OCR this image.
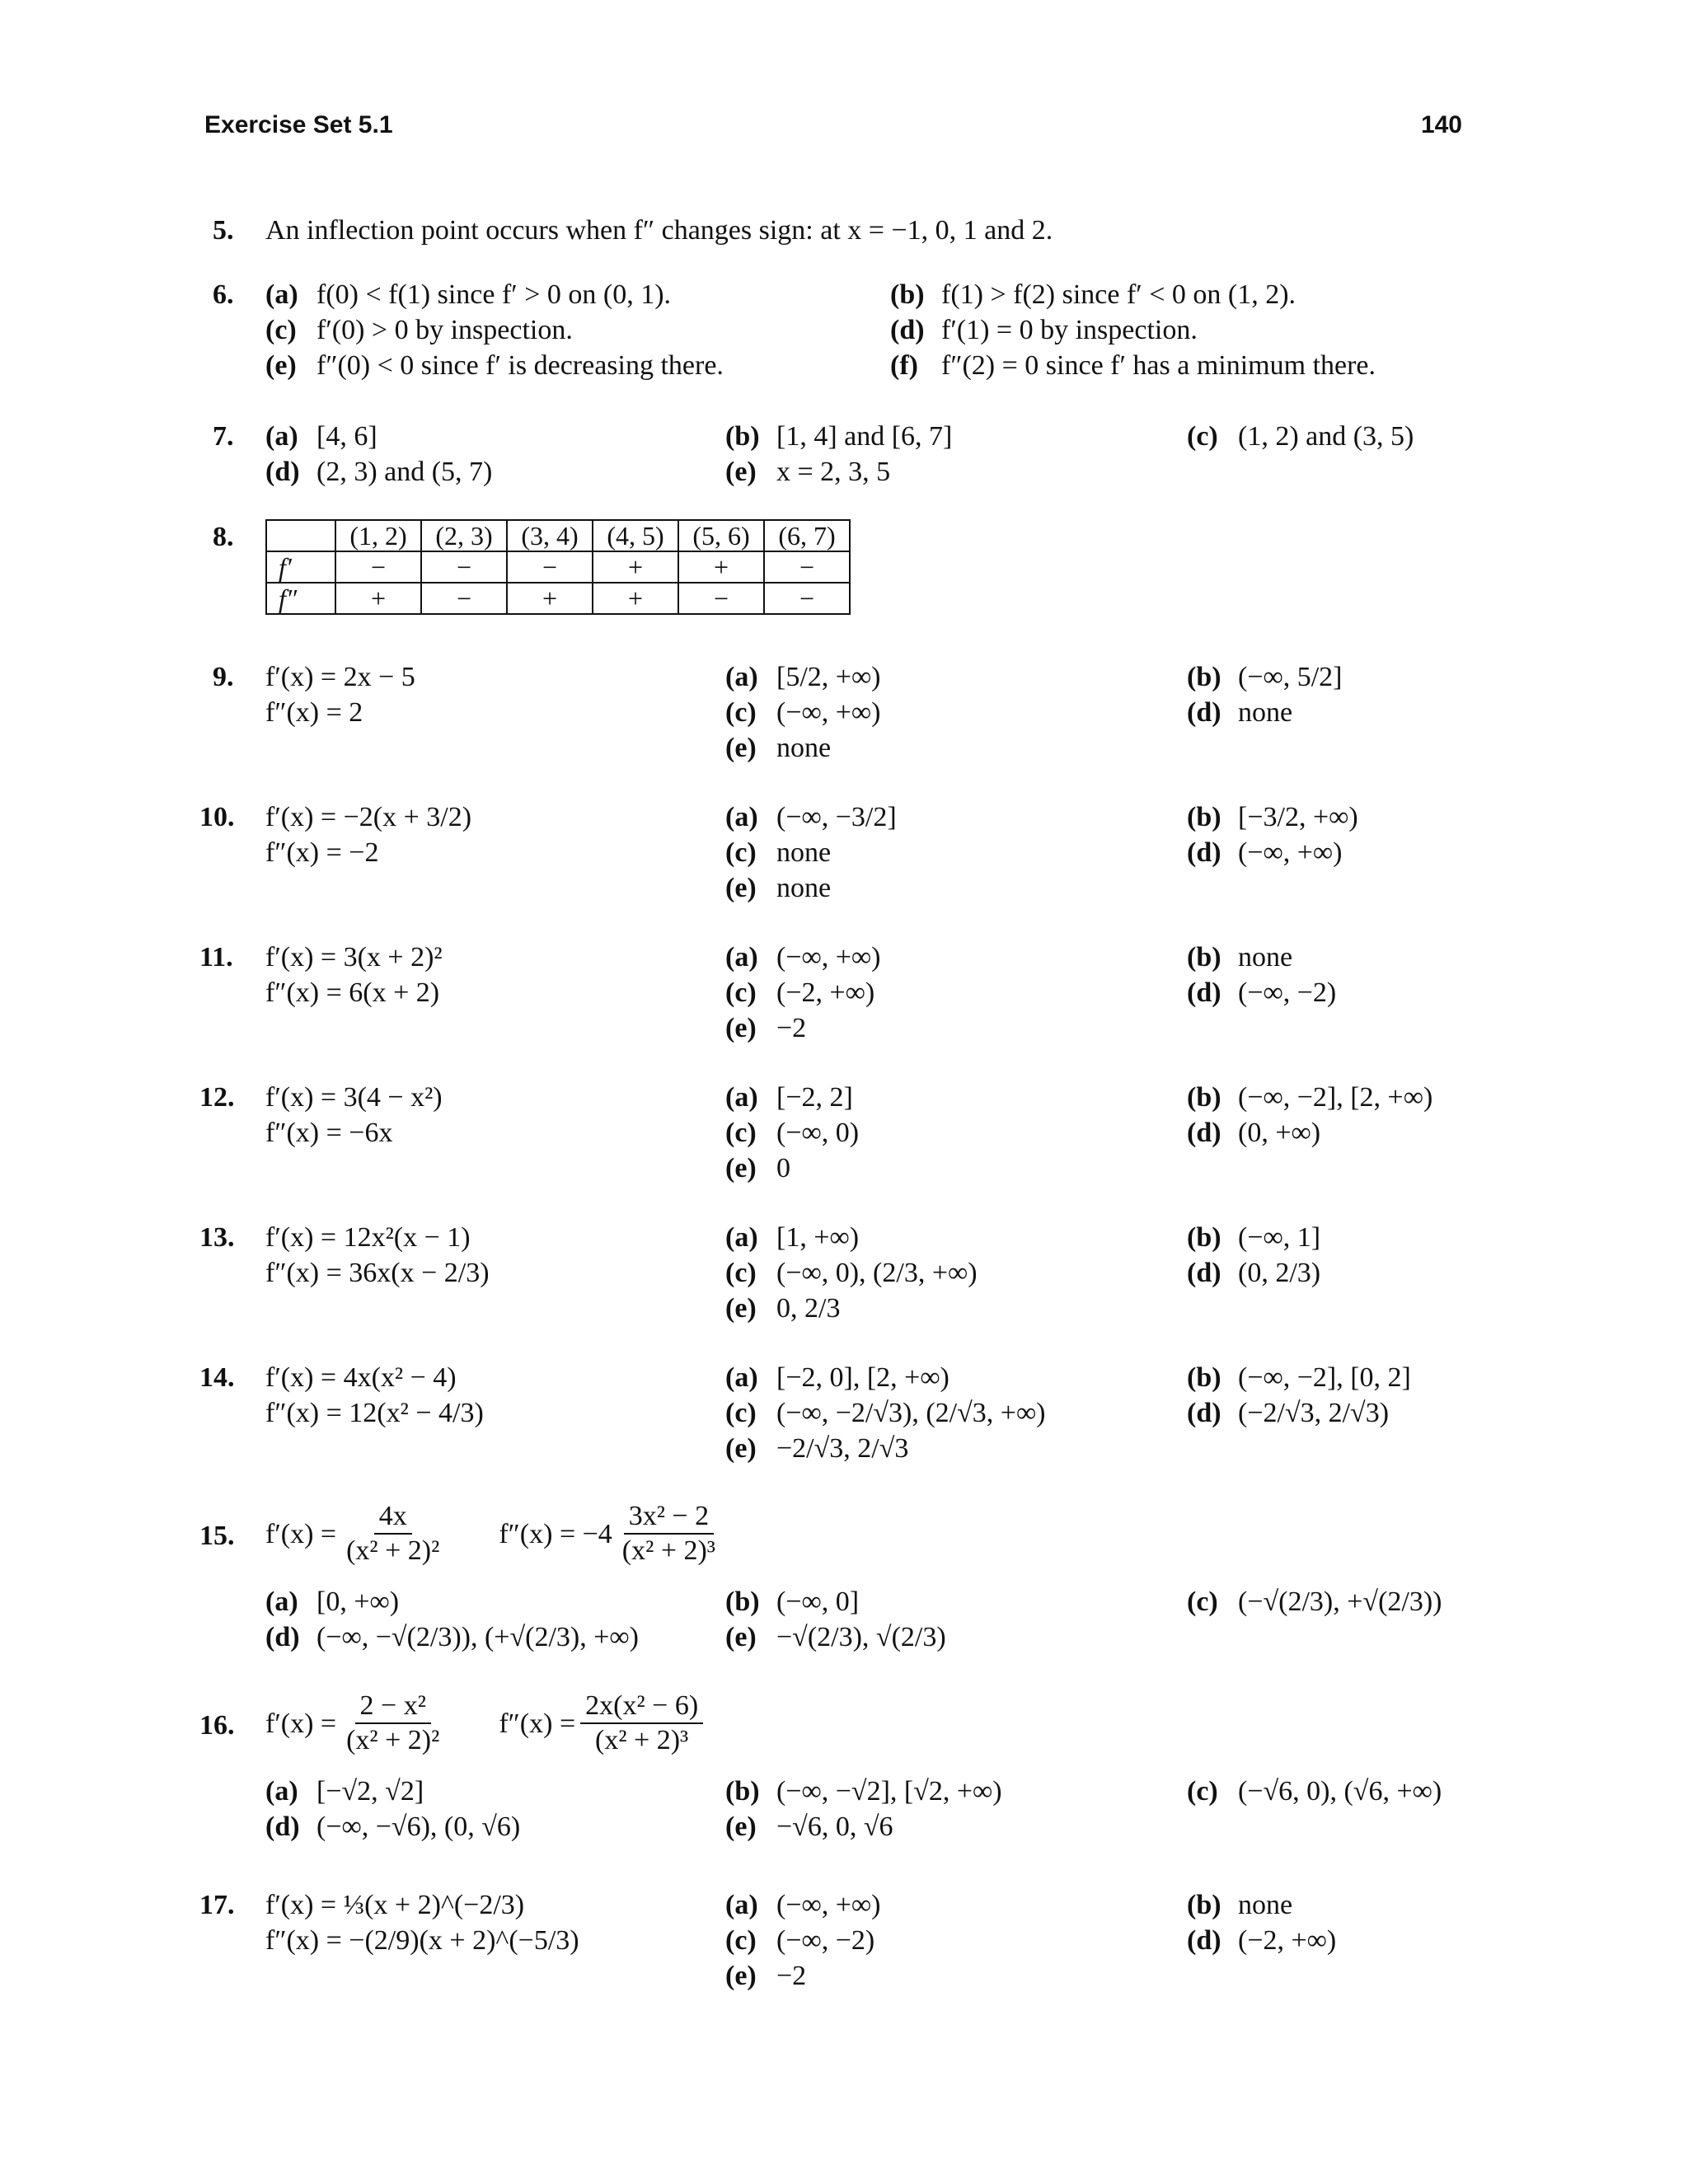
Exercise Set 5.1	140
5. An inflection point occurs when f″ changes sign: at x = −1, 0, 1 and 2.
6. (a) f(0) < f(1) since f′ > 0 on (0, 1).
(c) f′(0) > 0 by inspection.
(e) f″(0) < 0 since f′ is decreasing there.
(b) f(1) > f(2) since f′ < 0 on (1, 2).
(d) f′(1) = 0 by inspection.
(f) f″(2) = 0 since f′ has a minimum there.
7. (a) [4, 6]
(d) (2, 3) and (5, 7)
(b) [1, 4] and [6, 7]
(e) x = 2, 3, 5
(c) (1, 2) and (3, 5)
8.
		(1, 2)	(2, 3)	(3, 4)	(4, 5)	(5, 6)	(6, 7)
f′	−	−	−	+	+	−
f″	+	−	+	+	−	−
9. f′(x) = 2x − 5
f″(x) = 2
(a) [5/2, +∞)
(c) (−∞, +∞)
(e) none
(b) (−∞, 5/2]
(d) none
10. f′(x) = −2(x + 3/2)
f″(x) = −2
(a) (−∞, −3/2]
(c) none
(e) none
(b) [−3/2, +∞)
(d) (−∞, +∞)
11. f′(x) = 3(x + 2)²
f″(x) = 6(x + 2)
(a) (−∞, +∞)
(c) (−2, +∞)
(e) −2
(b) none
(d) (−∞, −2)
12. f′(x) = 3(4 − x²)
f″(x) = −6x
(a) [−2, 2]
(c) (−∞, 0)
(e) 0
(b) (−∞, −2], [2, +∞)
(d) (0, +∞)
13. f′(x) = 12x²(x − 1)
f″(x) = 36x(x − 2/3)
(a) [1, +∞)
(c) (−∞, 0), (2/3, +∞)
(e) 0, 2/3
(b) (−∞, 1]
(d) (0, 2/3)
14. f′(x) = 4x(x² − 4)
f″(x) = 12(x² − 4/3)
(a) [−2, 0], [2, +∞)
(c) (−∞, −2/√3), (2/√3, +∞)
(e) −2/√3, 2/√3
(b) (−∞, −2], [0, 2]
(d) (−2/√3, 2/√3)
15. $f'(x) = \frac{4x}{\text{(x² + 2)²}} f''(x) = -4 \frac{\text{3x² − 2}}{\text{(x² + 2)³}}$
(a) [0, +∞)
(d) (−∞, −√(2/3)), (+√(2/3), +∞)
(b) (−∞, 0]
(e) −√(2/3), √(2/3)
(c) (−√(2/3), +√(2/3))
16. $f'(x) = \frac{\text{2 − x²}}{\text{(x² + 2)²}} f''(x) = \frac{\text{2x(x² − 6)}}{\text{(x² + 2)³}}$
(a) [−√2, √2]
(d) (−∞, −√6), (0, √6)
(b) (−∞, −√2], [√2, +∞)
(e) −√6, 0, √6
(c) (−√6, 0), (√6, +∞)
17. f′(x) = ⅓(x + 2)^(−2/3)
f″(x) = −(2/9)(x + 2)^(−5/3)
(a) (−∞, +∞)
(c) (−∞, −2)
(e) −2
(b) none
(d) (−2, +∞)
